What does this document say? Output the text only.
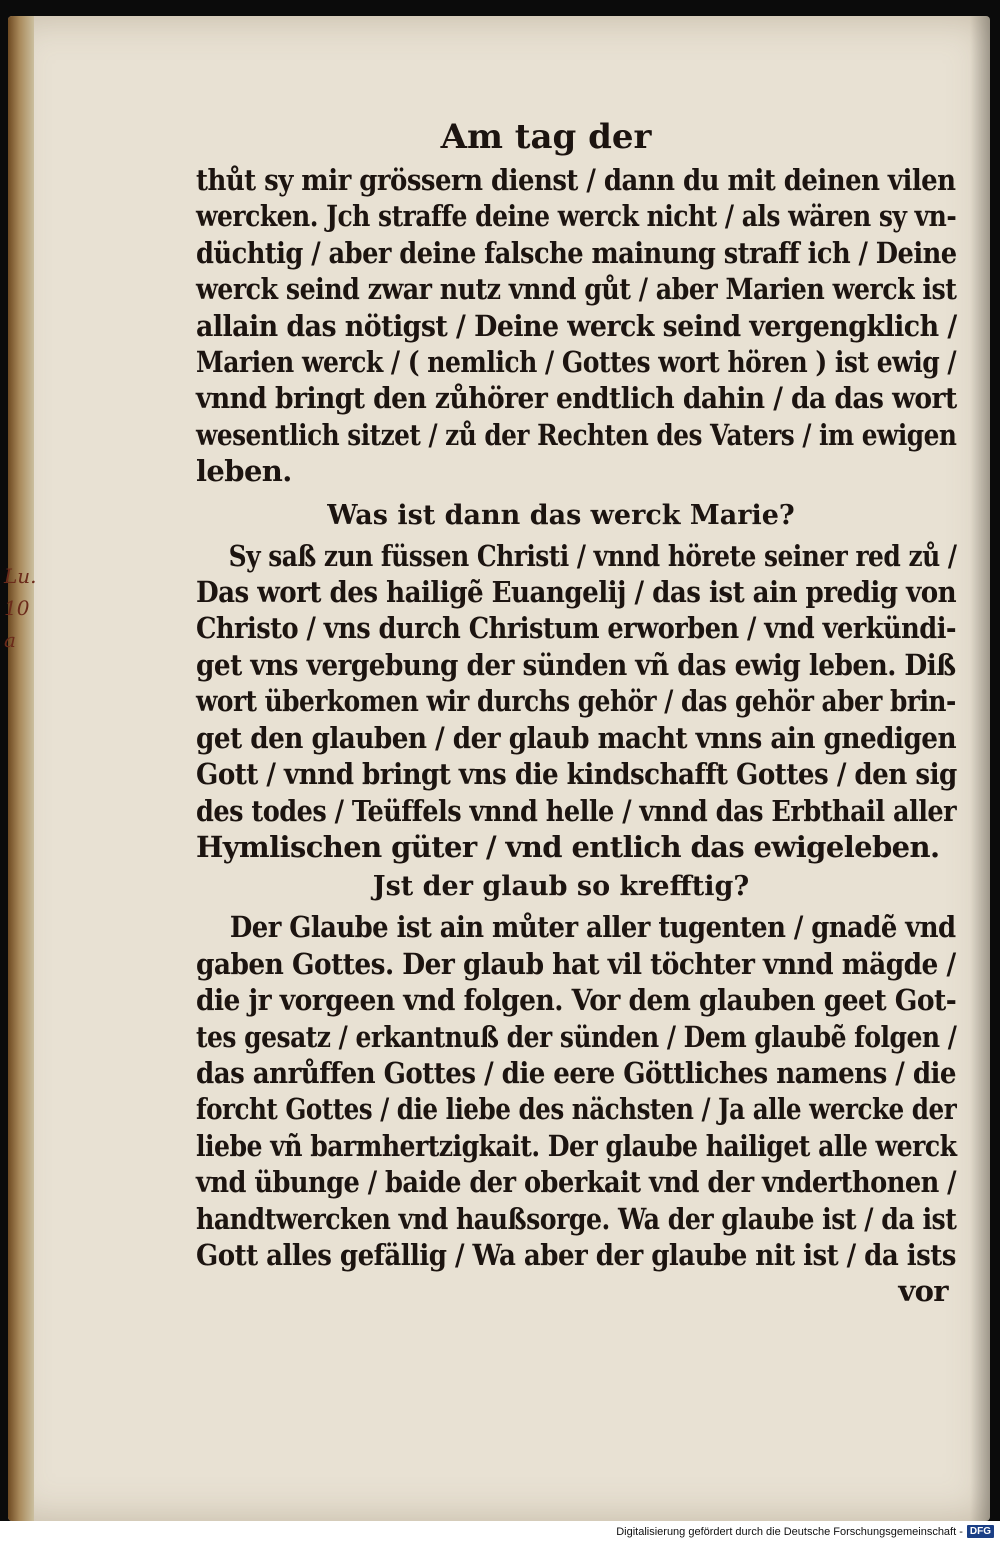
Lu.
10
a
Am tag der
thůt sy mir grössern dienst / dann du mit deinen vilen
wercken. Jch straffe deine werck nicht / als wären sy vn-
düchtig / aber deine falsche mainung straff ich / Deine
werck seind zwar nutz vnnd gůt / aber Marien werck ist
allain das nötigst / Deine werck seind vergengklich /
Marien werck / ( nemlich / Gottes wort hören ) ist ewig /
vnnd bringt den zůhörer endtlich dahin / da das wort
wesentlich sitzet / zů der Rechten des Vaters / im ewigen
leben.
Was ist dann das werck Marie?
Sy saß zun füssen Christi / vnnd hörete seiner red zů /
Das wort des hailigẽ Euangelij / das ist ain predig von
Christo / vns durch Christum erworben / vnd verkündi-
get vns vergebung der sünden vñ das ewig leben. Diß
wort überkomen wir durchs gehör / das gehör aber brin-
get den glauben / der glaub macht vnns ain gnedigen
Gott / vnnd bringt vns die kindschafft Gottes / den sig
des todes / Teüffels vnnd helle / vnnd das Erbthail aller
Hymlischen güter / vnd entlich das ewigeleben.
Jst der glaub so krefftig?
Der Glaube ist ain můter aller tugenten / gnadẽ vnd
gaben Gottes. Der glaub hat vil töchter vnnd mägde /
die jr vorgeen vnd folgen. Vor dem glauben geet Got-
tes gesatz / erkantnuß der sünden / Dem glaubẽ folgen /
das anrůffen Gottes / die eere Göttliches namens / die
forcht Gottes / die liebe des nächsten / Ja alle wercke der
liebe vñ barmhertzigkait. Der glaube hailiget alle werck
vnd übunge / baide der oberkait vnd der vnderthonen /
handtwercken vnd haußsorge. Wa der glaube ist / da ist
Gott alles gefällig / Wa aber der glaube nit ist / da ists
vor
Digitalisierung gefördert durch die Deutsche Forschungsgemeinschaft - DFG
